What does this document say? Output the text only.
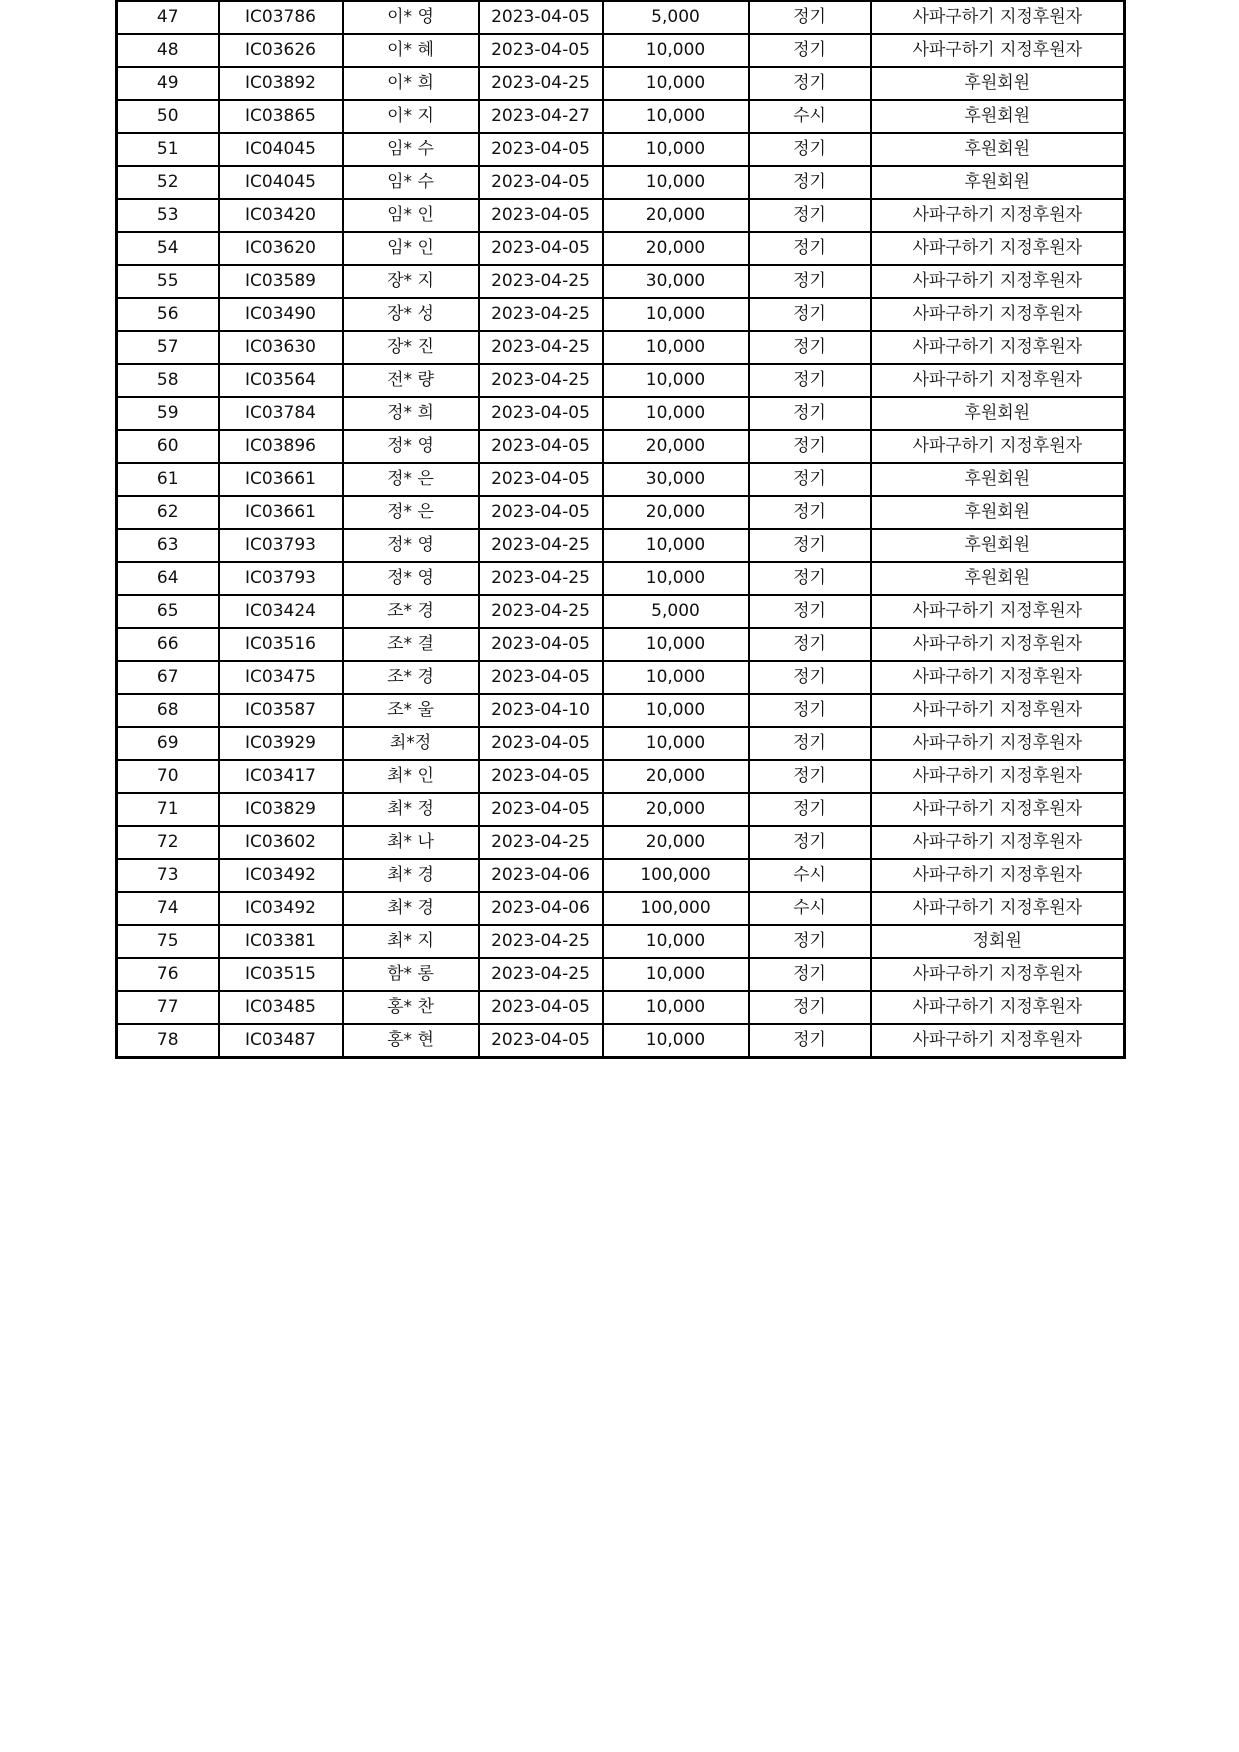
47	IC03786	이* 영	2023-04-05	5,000	정기	사파구하기 지정후원자
48	IC03626	이* 혜	2023-04-05	10,000	정기	사파구하기 지정후원자
49	IC03892	이* 희	2023-04-25	10,000	정기	후원회원
50	IC03865	이* 지	2023-04-27	10,000	수시	후원회원
51	IC04045	임* 수	2023-04-05	10,000	정기	후원회원
52	IC04045	임* 수	2023-04-05	10,000	정기	후원회원
53	IC03420	임* 인	2023-04-05	20,000	정기	사파구하기 지정후원자
54	IC03620	임* 인	2023-04-05	20,000	정기	사파구하기 지정후원자
55	IC03589	장* 지	2023-04-25	30,000	정기	사파구하기 지정후원자
56	IC03490	장* 성	2023-04-25	10,000	정기	사파구하기 지정후원자
57	IC03630	장* 진	2023-04-25	10,000	정기	사파구하기 지정후원자
58	IC03564	전* 량	2023-04-25	10,000	정기	사파구하기 지정후원자
59	IC03784	정* 희	2023-04-05	10,000	정기	후원회원
60	IC03896	정* 영	2023-04-05	20,000	정기	사파구하기 지정후원자
61	IC03661	정* 은	2023-04-05	30,000	정기	후원회원
62	IC03661	정* 은	2023-04-05	20,000	정기	후원회원
63	IC03793	정* 영	2023-04-25	10,000	정기	후원회원
64	IC03793	정* 영	2023-04-25	10,000	정기	후원회원
65	IC03424	조* 경	2023-04-25	5,000	정기	사파구하기 지정후원자
66	IC03516	조* 결	2023-04-05	10,000	정기	사파구하기 지정후원자
67	IC03475	조* 경	2023-04-05	10,000	정기	사파구하기 지정후원자
68	IC03587	조* 울	2023-04-10	10,000	정기	사파구하기 지정후원자
69	IC03929	최*정	2023-04-05	10,000	정기	사파구하기 지정후원자
70	IC03417	최* 인	2023-04-05	20,000	정기	사파구하기 지정후원자
71	IC03829	최* 정	2023-04-05	20,000	정기	사파구하기 지정후원자
72	IC03602	최* 나	2023-04-25	20,000	정기	사파구하기 지정후원자
73	IC03492	최* 경	2023-04-06	100,000	수시	사파구하기 지정후원자
74	IC03492	최* 경	2023-04-06	100,000	수시	사파구하기 지정후원자
75	IC03381	최* 지	2023-04-25	10,000	정기	정회원
76	IC03515	함* 롱	2023-04-25	10,000	정기	사파구하기 지정후원자
77	IC03485	홍* 찬	2023-04-05	10,000	정기	사파구하기 지정후원자
78	IC03487	홍* 현	2023-04-05	10,000	정기	사파구하기 지정후원자
